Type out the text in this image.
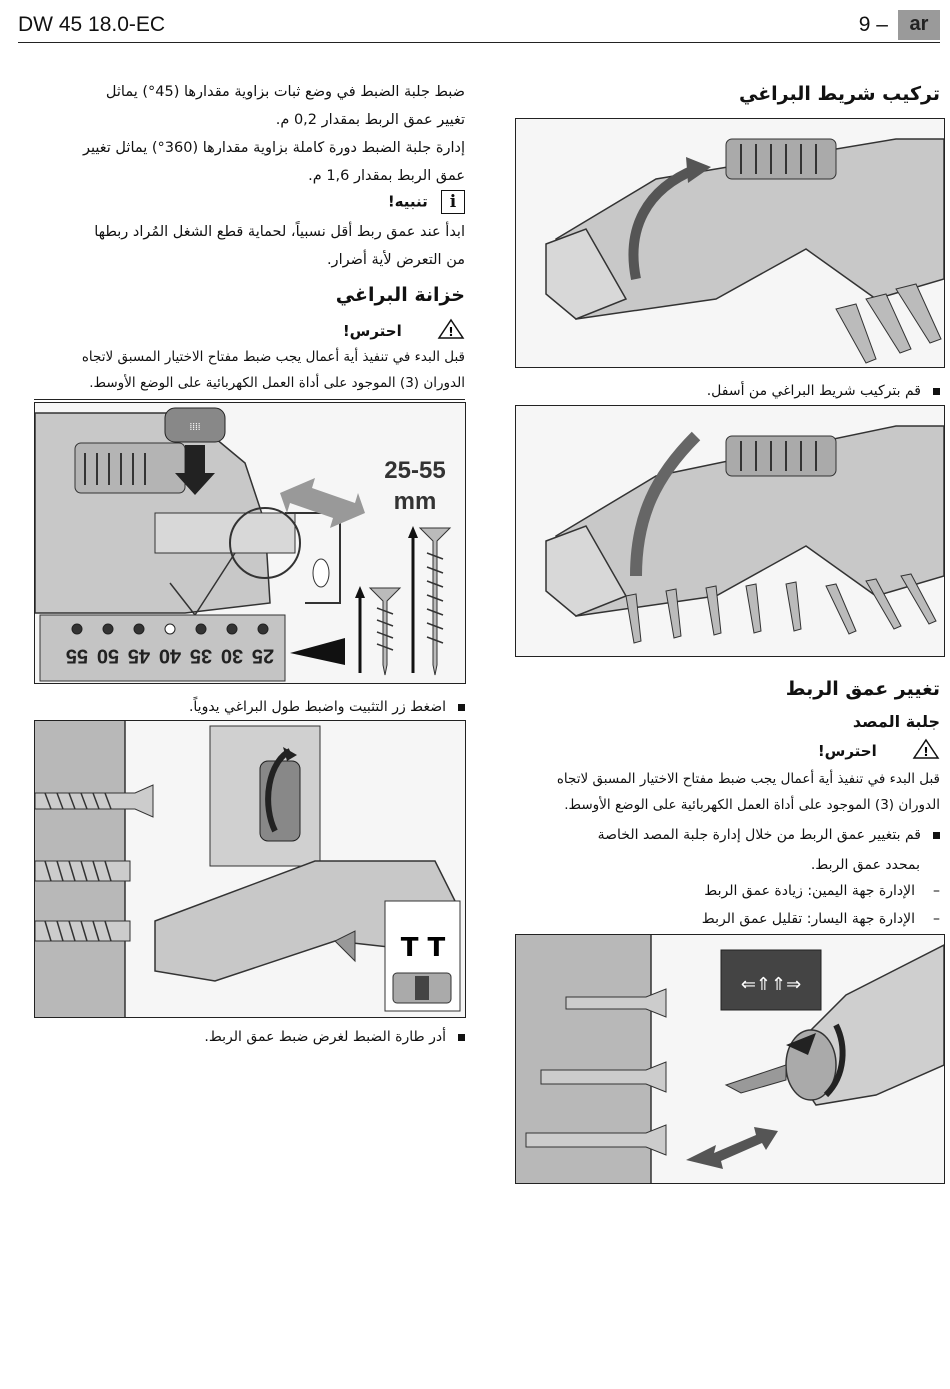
DW 45 18.0-EC	9 –	ar
ضبط جلبة الضبط في وضع ثبات بزاوية مقدارها (45°) يماثل
تغيير عمق الربط بمقدار 0,2 م.
إدارة جلبة الضبط دورة كاملة بزاوية مقدارها (360°) يماثل تغيير
عمق الربط بمقدار 1,6 م.
i تنبيه!
ابدأ عند عمق ربط أقل نسبياً، لحماية قطع الشغل المُراد ربطها
من التعرض لأية أضرار.
خزانة البراغي
!
احترس!
قبل البدء في تنفيذ أية أعمال يجب ضبط مفتاح الاختيار المسبق لاتجاه
الدوران (3) الموجود على أداة العمل الكهربائية على الوضع الأوسط.
⁞⁞⁞⁞
25-55
mm
25
30
35
40
45
50
55
اضغط زر التثبيت واضبط طول البراغي يدوياً.
T T
أدر طارة الضبط لغرض ضبط عمق الربط.
تركيب شريط البراغي
قم بتركيب شريط البراغي من أسفل.
تغيير عمق الربط
جلبة المصد
!
احترس!
قبل البدء في تنفيذ أية أعمال يجب ضبط مفتاح الاختيار المسبق لاتجاه
الدوران (3) الموجود على أداة العمل الكهربائية على الوضع الأوسط.
قم بتغيير عمق الربط من خلال إدارة جلبة المصد الخاصة
بمحدد عمق الربط.
–الإدارة جهة اليمين: زيادة عمق الربط
–الإدارة جهة اليسار: تقليل عمق الربط
⇐⇑⇑⇒
